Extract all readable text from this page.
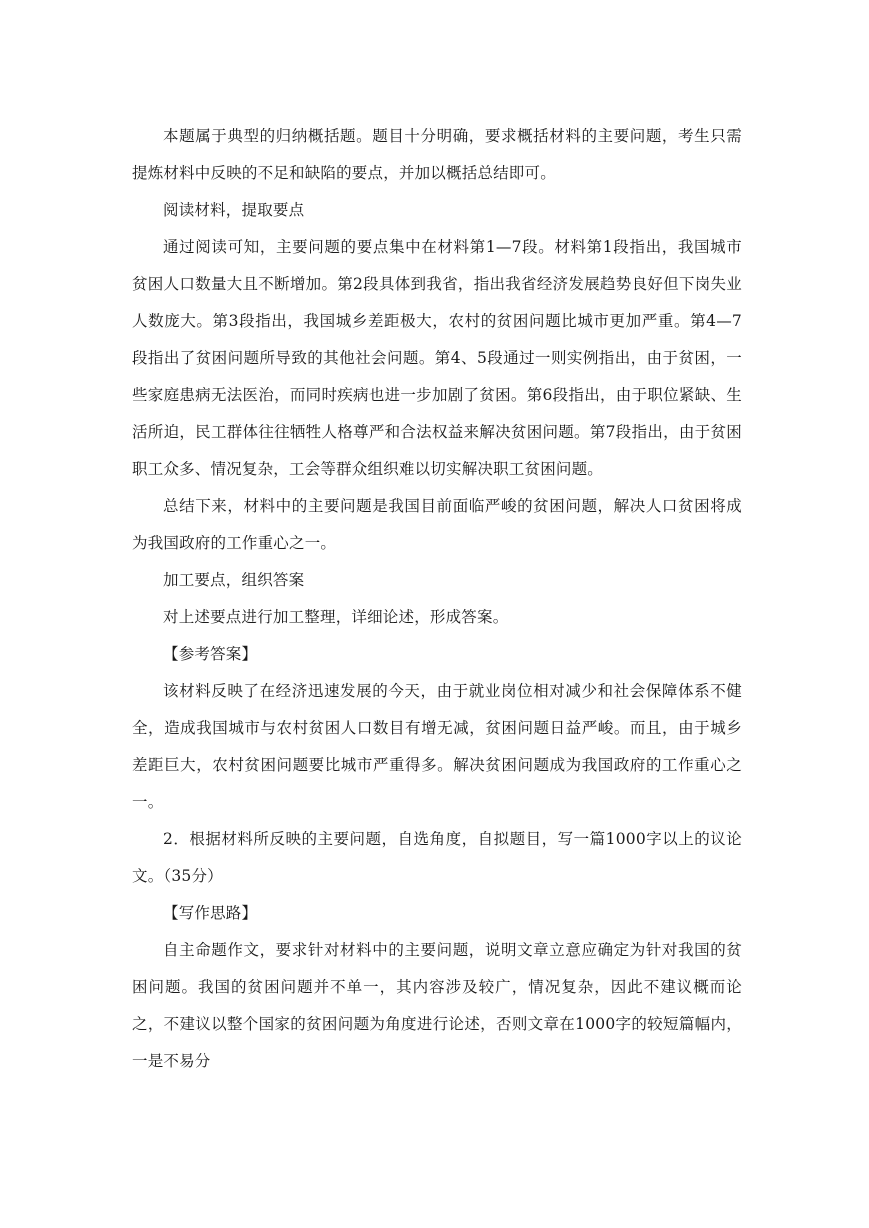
本题属于典型的归纳概括题。题目十分明确，要求概括材料的主要问题，考生只需提炼材料中反映的不足和缺陷的要点，并加以概括总结即可。

阅读材料，提取要点

通过阅读可知，主要问题的要点集中在材料第1—7段。材料第1段指出，我国城市贫困人口数量大且不断增加。第2段具体到我省，指出我省经济发展趋势良好但下岗失业人数庞大。第3段指出，我国城乡差距极大，农村的贫困问题比城市更加严重。第4—7段指出了贫困问题所导致的其他社会问题。第4、5段通过一则实例指出，由于贫困，一些家庭患病无法医治，而同时疾病也进一步加剧了贫困。第6段指出，由于职位紧缺、生活所迫，民工群体往往牺牲人格尊严和合法权益来解决贫困问题。第7段指出，由于贫困职工众多、情况复杂，工会等群众组织难以切实解决职工贫困问题。

总结下来，材料中的主要问题是我国目前面临严峻的贫困问题，解决人口贫困将成为我国政府的工作重心之一。

加工要点，组织答案

对上述要点进行加工整理，详细论述，形成答案。

【参考答案】

该材料反映了在经济迅速发展的今天，由于就业岗位相对减少和社会保障体系不健全，造成我国城市与农村贫困人口数目有增无减，贫困问题日益严峻。而且，由于城乡差距巨大，农村贫困问题要比城市严重得多。解决贫困问题成为我国政府的工作重心之一。

2．根据材料所反映的主要问题，自选角度，自拟题目，写一篇1000字以上的议论文。（35分）

【写作思路】

自主命题作文，要求针对材料中的主要问题，说明文章立意应确定为针对我国的贫困问题。我国的贫困问题并不单一，其内容涉及较广，情况复杂，因此不建议概而论之，不建议以整个国家的贫困问题为角度进行论述，否则文章在1000字的较短篇幅内，一是不易分
